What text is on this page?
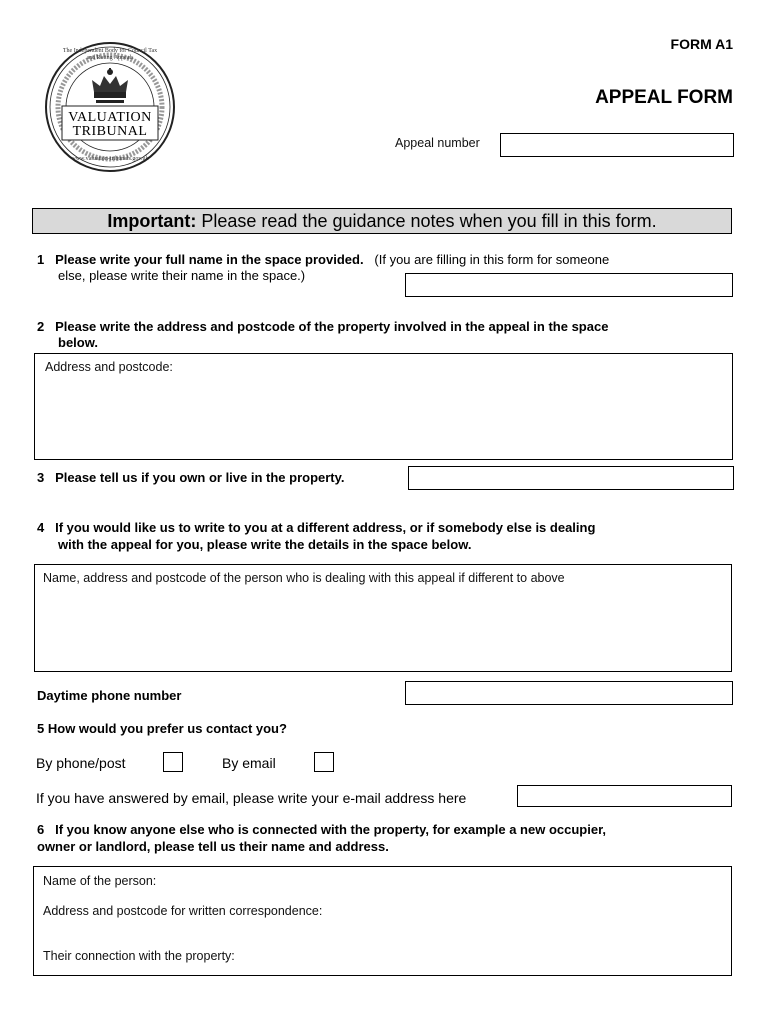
VALUATION
TRIBUNAL
The Independent Body for Council Tax and Rating Appeals
www.valuation-tribunals.gov.uk
FORM A1
APPEAL FORM
Appeal number
Important: Please read the guidance notes when you fill in this form.
1 Please write your full name in the space provided. (If you are filling in this form for someone
else, please write their name in the space.)
2 Please write the address and postcode of the property involved in the appeal in the space
below.
Address and postcode:
3 Please tell us if you own or live in the property.
4 If you would like us to write to you at a different address, or if somebody else is dealing
with the appeal for you, please write the details in the space below.
Name, address and postcode of the person who is dealing with this appeal if different to above
Daytime phone number
5 How would you prefer us contact you?
By phone/post	By email
If you have answered by email, please write your e-mail address here
6 If you know anyone else who is connected with the property, for example a new occupier,
owner or landlord, please tell us their name and address.
Name of the person:
Address and postcode for written correspondence:
Their connection with the property:
